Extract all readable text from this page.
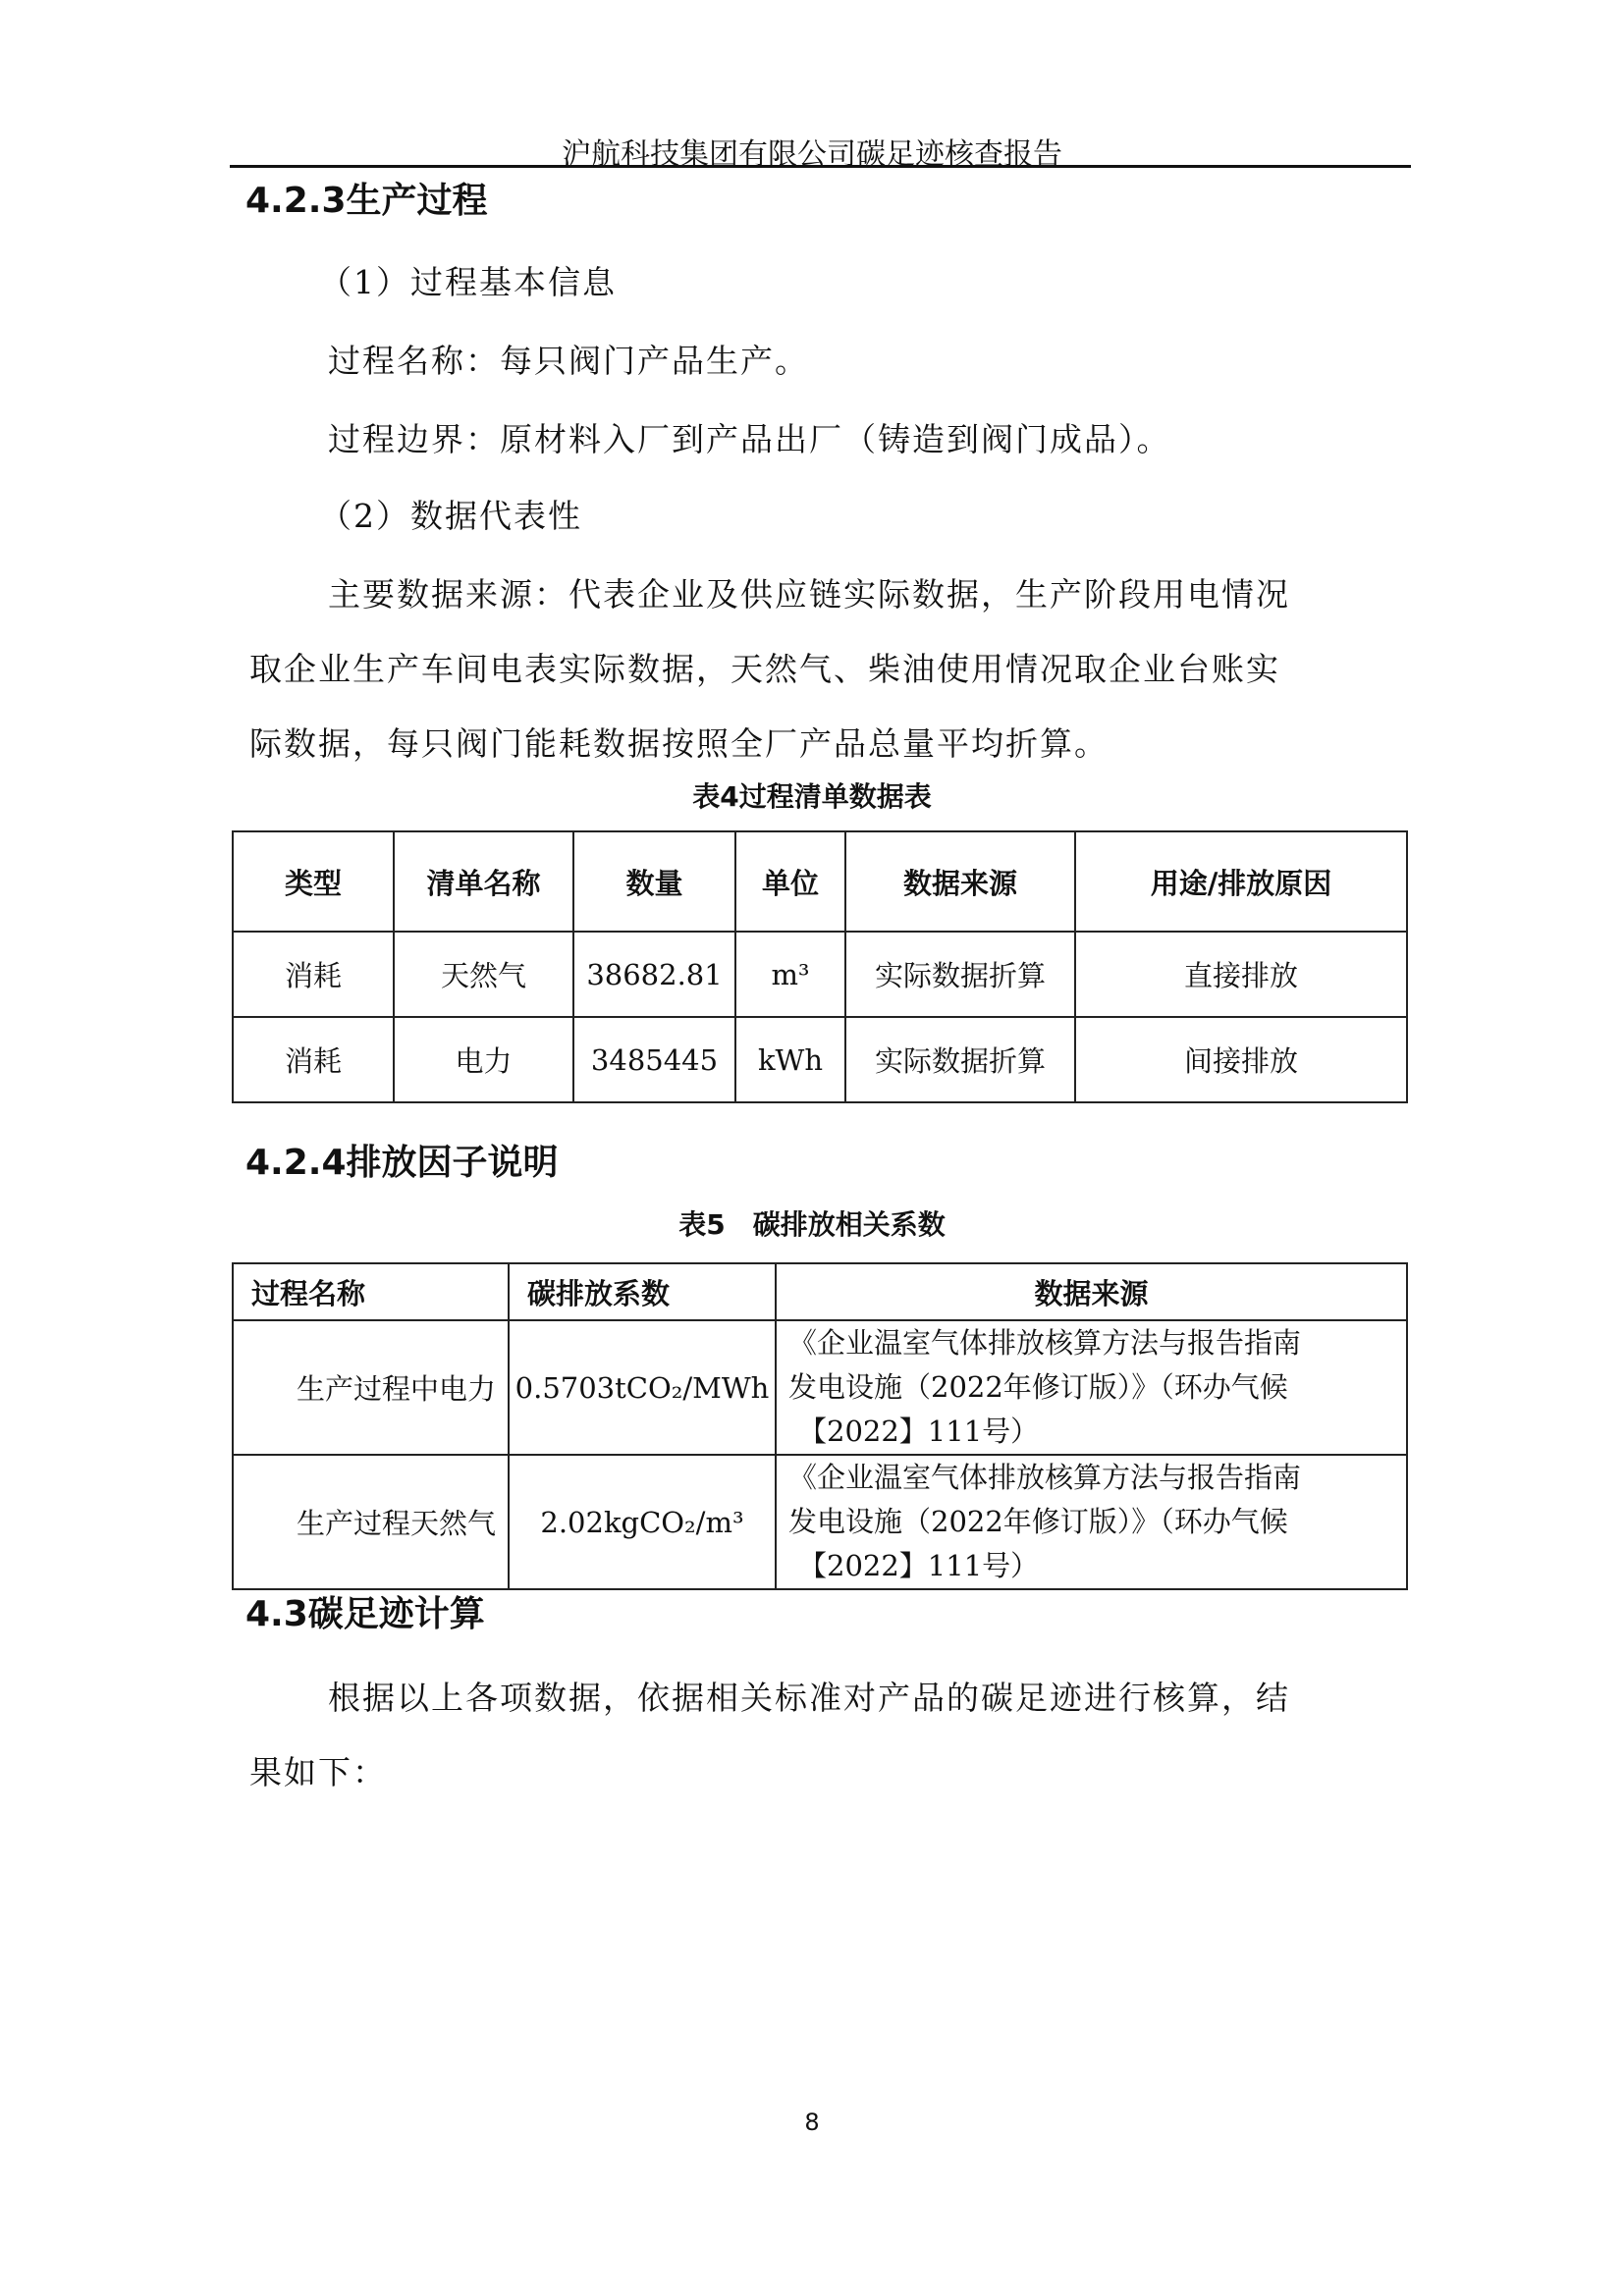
沪航科技集团有限公司碳足迹核查报告
4.2.3生产过程
（1）过程基本信息
过程名称：每只阀门产品生产。
过程边界：原材料入厂到产品出厂（铸造到阀门成品）。
（2）数据代表性
主要数据来源：代表企业及供应链实际数据，生产阶段用电情况
取企业生产车间电表实际数据，天然气、柴油使用情况取企业台账实
际数据，每只阀门能耗数据按照全厂产品总量平均折算。
表4过程清单数据表
类型	清单名称	数量	单位	数据来源	用途/排放原因
消耗	天然气	38682.81	m³	实际数据折算	直接排放
消耗	电力	3485445	kWh	实际数据折算	间接排放
4.2.4排放因子说明
表5　碳排放相关系数
过程名称	碳排放系数	数据来源
生产过程中电力	0.5703tCO₂/MWh	《企业温室气体排放核算方法与报告指南
发电设施（2022年修订版）》（环办气候
【2022】111号）

生产过程天然气	2.02kgCO₂/m³	《企业温室气体排放核算方法与报告指南
发电设施（2022年修订版）》（环办气候
【2022】111号）
4.3碳足迹计算
根据以上各项数据，依据相关标准对产品的碳足迹进行核算，结
果如下：
8
